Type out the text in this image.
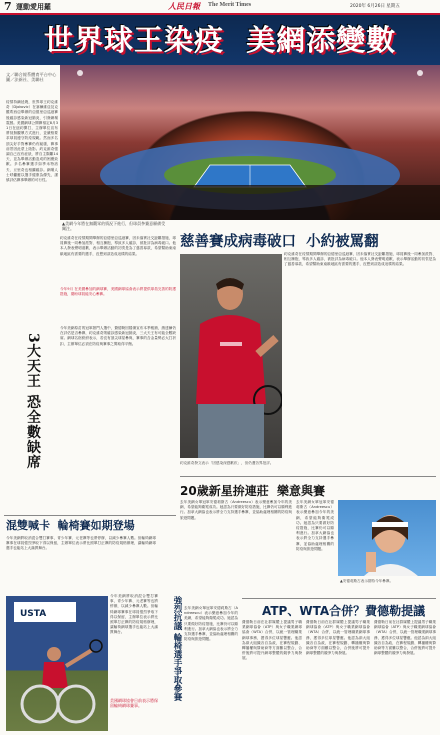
7 運動愛用羅	人民日報 The Merit Times	2020年 6月26日 星期五
世界球王染疫  美網添變數
文／聯合報系體育平台中心
圖／法新社、美聯社
疫情持續延燒，世界球王約克維奇（Djokovic）在塞爾維亞及克羅埃西亞舉辦的亞德里亞巡迴賽後確診感染新冠肺炎，引發網壇震撼。美國網球公開賽預定8月31日在紐約開打，主辦單位宣布將採無觀眾方式進行，並嚴格要求球員遵守防疫規範。然而多名頂尖好手對參賽仍有疑慮，賽事前景因此蒙上陰影。約克維奇強調自己沒有症狀，將自主隔離14天，並為舉辦活動造成的困擾致歉。多名參賽選手如季米特洛夫、丘里奇也相繼確診。網壇人士呼籲應以選手健康為優先，謹慎評估賽事舉辦的可行性。
▲美網今年將在無觀眾的情況下進行，但球員參賽意願備受關注。
慈善賽成病毒破口  小約被罵翻
約克維奇在疫情期間舉辦的亞德里亞巡迴賽，因未落實社交距離措施，球員賽後一同參加派對、相互擁抱，導致多人確診，被批評為病毒破口。他本人發表聲明道歉，表示舉辦活動的初衷是為了慈善募款，希望幫助東南歐地區有需要的選手，沒想到卻造成這樣的結果。	約克維奇在疫情期間舉辦的亞德里亞巡迴賽，因未落實社交距離措施，球員賽後一同參加派對、相互擁抱，導致多人確診，被批評為病毒破口。他本人發表聲明道歉，表示舉辦活動的初衷是為了慈善募款，希望幫助東南歐地區有需要的選手，沒想到卻造成這樣的結果。
約克維奇發文表示「因感染深感歉疚」，但仍遭各界批評。
今年9月 在美國參加的網球賽，美國網球協會表示將提供球員完善的防護措施，期盼球員能安心參賽。
3大天王 恐全數缺席
今年美網原訂的冠軍熱門人選中，費德勒因膝傷宣布本季報銷，納達爾仍在評估是否參賽，約克維奇則確診感染新冠肺炎，三大天王有可能全數缺席。網球名宿紛紛表示，若沒有頂尖球星參與，賽事的含金量勢必大打折扣，主辦單位必須在防疫與賽事之間取得平衡。
混雙喊卡  輪椅賽如期登場
今年美網將取消混合雙打賽事，青少年賽、元老賽等也將停辦，以減少參賽人數。但輪椅網球賽事在球員強烈爭取下得以保留，主辦單位表示將比照單打正賽的防疫規格辦理，讓輪椅網球選手也能站上大滿貫舞台。
今年美網將取消混合雙打賽事，青少年賽、元老賽等也將停辦，以減少參賽人數。但輪椅網球賽事在球員強烈爭取下得以保留，主辦單位表示將比照單打正賽的防疫規格辦理，讓輪椅網球選手也能站上大滿貫舞台。
USTA
美國網球協會日前表示將保留輪椅網球賽事。
強烈抗議 輪椅選手爭取參賽 去年美網女單冠軍安德莉斯古（Andreescu）表示樂意參加今年的美網，希望能夠衛冕成功。她認為只要做好防疫措施，比賽仍可以順利進行。加拿大網協也表示將全力支持選手參賽，並協助處理相關的防疫與旅遊問題。
20歲新星拚連莊  樂意與賽
去年美網女單冠軍安德莉斯古（Andreescu）表示樂意參加今年的美網，希望能夠衛冕成功。她認為只要做好防疫措施，比賽仍可以順利進行。加拿大網協也表示將全力支持選手參賽，並協助處理相關的防疫與旅遊問題。
去年美網女單冠軍安德莉斯古（Andreescu）表示樂意參加今年的美網，希望能夠衛冕成功。她認為只要做好防疫措施，比賽仍可以順利進行。加拿大網協也表示將全力支持選手參賽，並協助處理相關的防疫與旅遊問題。
▲安德莉斯古表示期待今年參賽。
ATP、WTA合併？費德勒提議
費德勒日前在社群媒體上提議男子職業網球協會（ATP）與女子職業網球協會（WTA）合併，以統一管理職業網球事務，獲得多位球星響應。他認為兩大組織各自為政，在賽程規劃、轉播權與贊助商等方面難以整合，合併後將可提升網球整體的競爭力與發展。
費德勒日前在社群媒體上提議男子職業網球協會（ATP）與女子職業網球協會（WTA）合併，以統一管理職業網球事務，獲得多位球星響應。他認為兩大組織各自為政，在賽程規劃、轉播權與贊助商等方面難以整合，合併後將可提升網球整體的競爭力與發展。
費德勒日前在社群媒體上提議男子職業網球協會（ATP）與女子職業網球協會（WTA）合併，以統一管理職業網球事務，獲得多位球星響應。他認為兩大組織各自為政，在賽程規劃、轉播權與贊助商等方面難以整合，合併後將可提升網球整體的競爭力與發展。
